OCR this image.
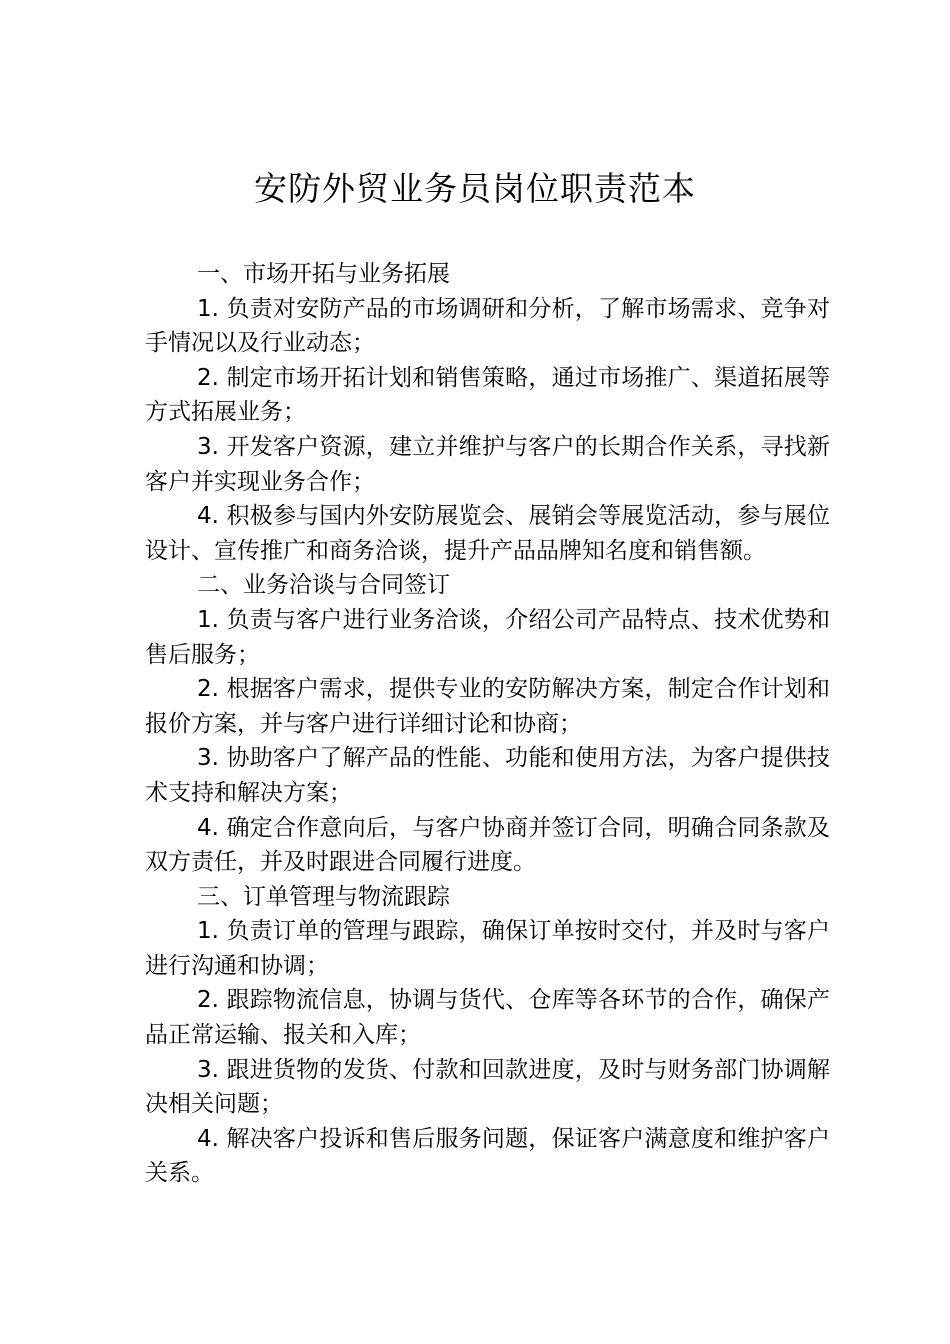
安防外贸业务员岗位职责范本

一、市场开拓与业务拓展

1. 负责对安防产品的市场调研和分析，了解市场需求、竞争对手情况以及行业动态；

2. 制定市场开拓计划和销售策略，通过市场推广、渠道拓展等方式拓展业务；

3. 开发客户资源，建立并维护与客户的长期合作关系，寻找新客户并实现业务合作；

4. 积极参与国内外安防展览会、展销会等展览活动，参与展位设计、宣传推广和商务洽谈，提升产品品牌知名度和销售额。

二、业务洽谈与合同签订

1. 负责与客户进行业务洽谈，介绍公司产品特点、技术优势和售后服务；

2. 根据客户需求，提供专业的安防解决方案，制定合作计划和报价方案，并与客户进行详细讨论和协商；

3. 协助客户了解产品的性能、功能和使用方法，为客户提供技术支持和解决方案；

4. 确定合作意向后，与客户协商并签订合同，明确合同条款及双方责任，并及时跟进合同履行进度。

三、订单管理与物流跟踪

1. 负责订单的管理与跟踪，确保订单按时交付，并及时与客户进行沟通和协调；

2. 跟踪物流信息，协调与货代、仓库等各环节的合作，确保产品正常运输、报关和入库；

3. 跟进货物的发货、付款和回款进度，及时与财务部门协调解决相关问题；

4. 解决客户投诉和售后服务问题，保证客户满意度和维护客户关系。
